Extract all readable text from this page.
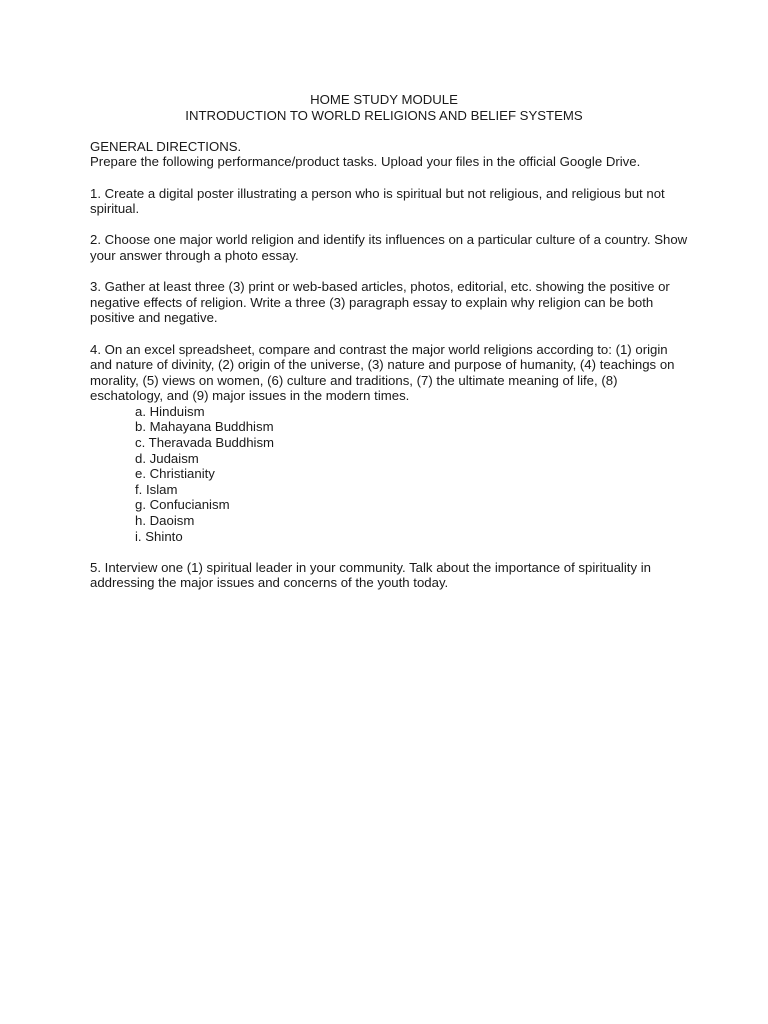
HOME STUDY MODULE
INTRODUCTION TO WORLD RELIGIONS AND BELIEF SYSTEMS
GENERAL DIRECTIONS.
Prepare the following performance/product tasks. Upload your files in the official Google Drive.
1. Create a digital poster illustrating a person who is spiritual but not religious, and religious but not spiritual.
2. Choose one major world religion and identify its influences on a particular culture of a country. Show your answer through a photo essay.
3. Gather at least three (3) print or web-based articles, photos, editorial, etc. showing the positive or negative effects of religion. Write a three (3) paragraph essay to explain why religion can be both positive and negative.
4. On an excel spreadsheet, compare and contrast the major world religions according to: (1) origin and nature of divinity, (2) origin of the universe, (3) nature and purpose of humanity, (4) teachings on morality, (5) views on women, (6) culture and traditions, (7) the ultimate meaning of life, (8) eschatology, and (9) major issues in the modern times.
a. Hinduism
b. Mahayana Buddhism
c. Theravada Buddhism
d. Judaism
e. Christianity
f. Islam
g. Confucianism
h. Daoism
i. Shinto
5. Interview one (1) spiritual leader in your community. Talk about the importance of spirituality in addressing the major issues and concerns of the youth today.
